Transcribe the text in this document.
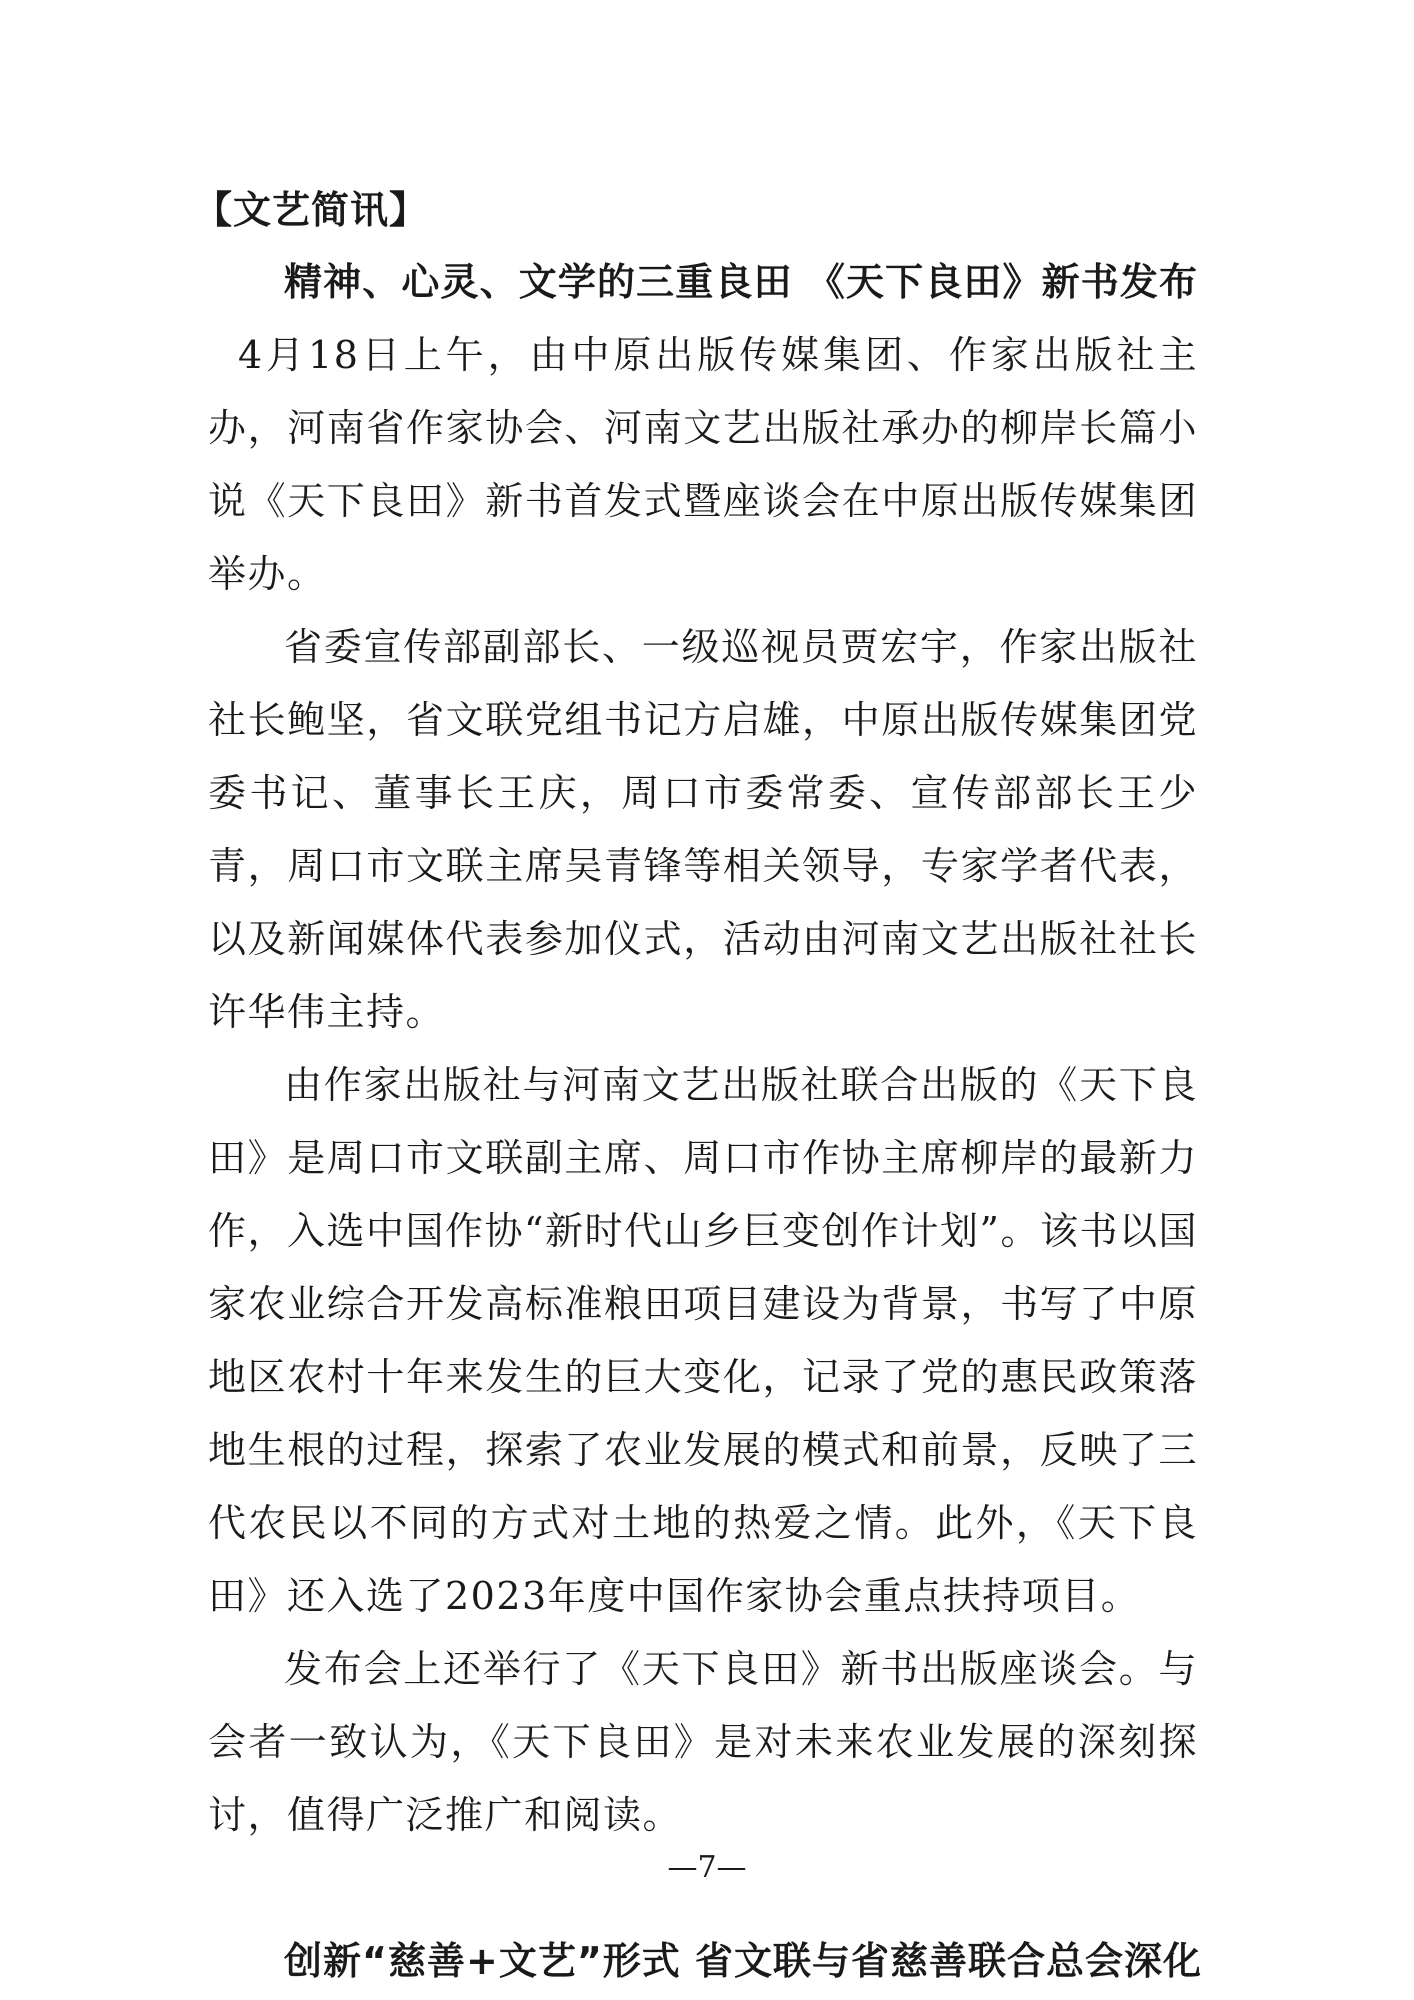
【文艺简讯】

精神、心灵、文学的三重良田 《天下良田》新书发布4月18日上午，由中原出版传媒集团、作家出版社主办，河南省作家协会、河南文艺出版社承办的柳岸长篇小说《天下良田》新书首发式暨座谈会在中原出版传媒集团举办。

省委宣传部副部长、一级巡视员贾宏宇，作家出版社社长鲍坚，省文联党组书记方启雄，中原出版传媒集团党委书记、董事长王庆，周口市委常委、宣传部部长王少青，周口市文联主席吴青锋等相关领导，专家学者代表，以及新闻媒体代表参加仪式，活动由河南文艺出版社社长许华伟主持。

由作家出版社与河南文艺出版社联合出版的《天下良田》是周口市文联副主席、周口市作协主席柳岸的最新力作，入选中国作协“新时代山乡巨变创作计划”。该书以国家农业综合开发高标准粮田项目建设为背景，书写了中原地区农村十年来发生的巨大变化，记录了党的惠民政策落地生根的过程，探索了农业发展的模式和前景，反映了三代农民以不同的方式对土地的热爱之情。此外，《天下良田》还入选了2023年度中国作家协会重点扶持项目。

发布会上还举行了《天下良田》新书出版座谈会。与会者一致认为，《天下良田》是对未来农业发展的深刻探讨，值得广泛推广和阅读。

创新“慈善+文艺”形式 省文联与省慈善联合总会深化
—7—
